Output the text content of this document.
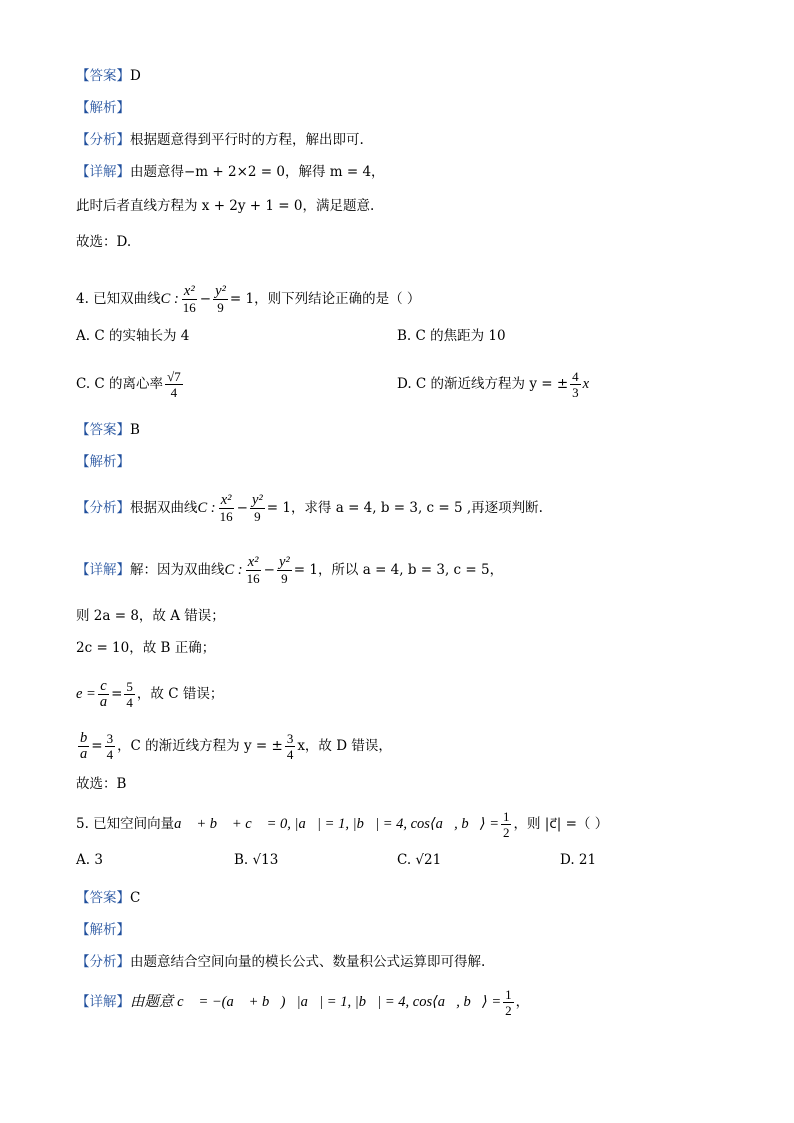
【答案】 D
【解析】
【分析】 根据题意得到平行时的方程，解出即可.
【详解】 由题意得−m + 2×2 = 0，解得 m = 4，
此时后者直线方程为 x + 2y + 1 = 0，满足题意.
故选：D.
4. 已知双曲线 C : $\frac{\text{x²}}{16} - \frac{\text{y²}}{9} = 1$ ，则下列结论正确的是（ ）
A. C 的实轴长为 4	B. C 的焦距为 10
C. C 的离心率 $\frac{√7}{4}$	D. C 的渐近线方程为 y = ± $\frac{4}{3}$ x
【答案】 B
【解析】
【分析】 根据双曲线 C : $\frac{\text{x²}}{16} - \frac{\text{y²}}{9} = 1$ ，求得 a = 4, b = 3, c = 5 ,再逐项判断.
【详解】 解：因为双曲线 C : $\frac{\text{x²}}{16} - \frac{\text{y²}}{9} = 1$ ，所以 a = 4, b = 3, c = 5，
则 2a = 8，故 A 错误；
2c = 10，故 B 正确；
$e = \frac{c}{a} = \frac{5}{4}$ ，故 C 错误；
$\frac{b}{a} = \frac{3}{4}$ ，C 的渐近线方程为 y = ± $\frac{3}{4}$ x，故 D 错误，
故选：B
5. 已知空间向量 a⃗ + b⃗ + c⃗ = 0, |a⃗| = 1, |b⃗| = 4, cos⟨a⃗, b⃗⟩ = $\frac{1}{2}$ ，则 |c⃗| =（ ）
A. 3	B. √13	C. √21	D. 21
【答案】 C
【解析】
【分析】 由题意结合空间向量的模长公式、数量积公式运算即可得解.
【详解】 由题意 c⃗ = −(a⃗ + b⃗)，|a⃗| = 1, |b⃗| = 4, cos⟨a⃗, b⃗⟩ = $\frac{1}{2}$ ，
